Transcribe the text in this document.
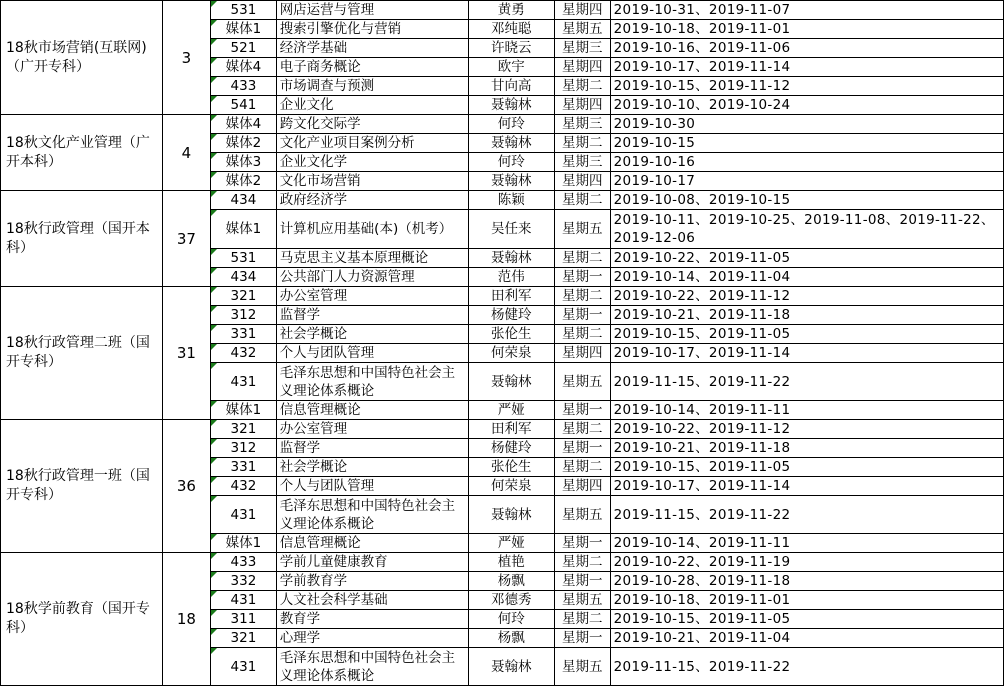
18秋市场营销(互联网)（广开专科）	3	531	网店运营与管理	黄勇	星期四	2019-10-31、2019-11-07
		媒体1	搜索引擎优化与营销	邓纯聪	星期五	2019-10-18、2019-11-01
		521	经济学基础	许晓云	星期三	2019-10-16、2019-11-06
		媒体4	电子商务概论	欧宇	星期四	2019-10-17、2019-11-14
		433	市场调查与预测	甘向高	星期二	2019-10-15、2019-11-12
		541	企业文化	聂翰林	星期四	2019-10-10、2019-10-24
18秋文化产业管理（广开本科）	4	媒体4	跨文化交际学	何玲	星期三	2019-10-30
		媒体2	文化产业项目案例分析	聂翰林	星期二	2019-10-15
		媒体3	企业文化学	何玲	星期三	2019-10-16
		媒体2	文化市场营销	聂翰林	星期四	2019-10-17
18秋行政管理（国开本科）	37	434	政府经济学	陈颖	星期二	2019-10-08、2019-10-15
		媒体1	计算机应用基础(本)（机考）	吴任来	星期五	2019-10-11、2019-10-25、2019-11-08、2019-11-22、2019-12-06
		531	马克思主义基本原理概论	聂翰林	星期二	2019-10-22、2019-11-05
		434	公共部门人力资源管理	范伟	星期一	2019-10-14、2019-11-04
18秋行政管理二班（国开专科）	31	321	办公室管理	田利军	星期二	2019-10-22、2019-11-12
		312	监督学	杨健玲	星期一	2019-10-21、2019-11-18
		331	社会学概论	张伦生	星期二	2019-10-15、2019-11-05
		432	个人与团队管理	何荣泉	星期四	2019-10-17、2019-11-14
		431	毛泽东思想和中国特色社会主义理论体系概论	聂翰林	星期五	2019-11-15、2019-11-22
		媒体1	信息管理概论	严娅	星期一	2019-10-14、2019-11-11
18秋行政管理一班（国开专科）	36	321	办公室管理	田利军	星期二	2019-10-22、2019-11-12
		312	监督学	杨健玲	星期一	2019-10-21、2019-11-18
		331	社会学概论	张伦生	星期二	2019-10-15、2019-11-05
		432	个人与团队管理	何荣泉	星期四	2019-10-17、2019-11-14
		431	毛泽东思想和中国特色社会主义理论体系概论	聂翰林	星期五	2019-11-15、2019-11-22
		媒体1	信息管理概论	严娅	星期一	2019-10-14、2019-11-11
18秋学前教育（国开专科）	18	433	学前儿童健康教育	植艳	星期二	2019-10-22、2019-11-19
		332	学前教育学	杨飘	星期一	2019-10-28、2019-11-18
		431	人文社会科学基础	邓德秀	星期五	2019-10-18、2019-11-01
		311	教育学	何玲	星期二	2019-10-15、2019-11-05
		321	心理学	杨飘	星期一	2019-10-21、2019-11-04
		431	毛泽东思想和中国特色社会主义理论体系概论	聂翰林	星期五	2019-11-15、2019-11-22
